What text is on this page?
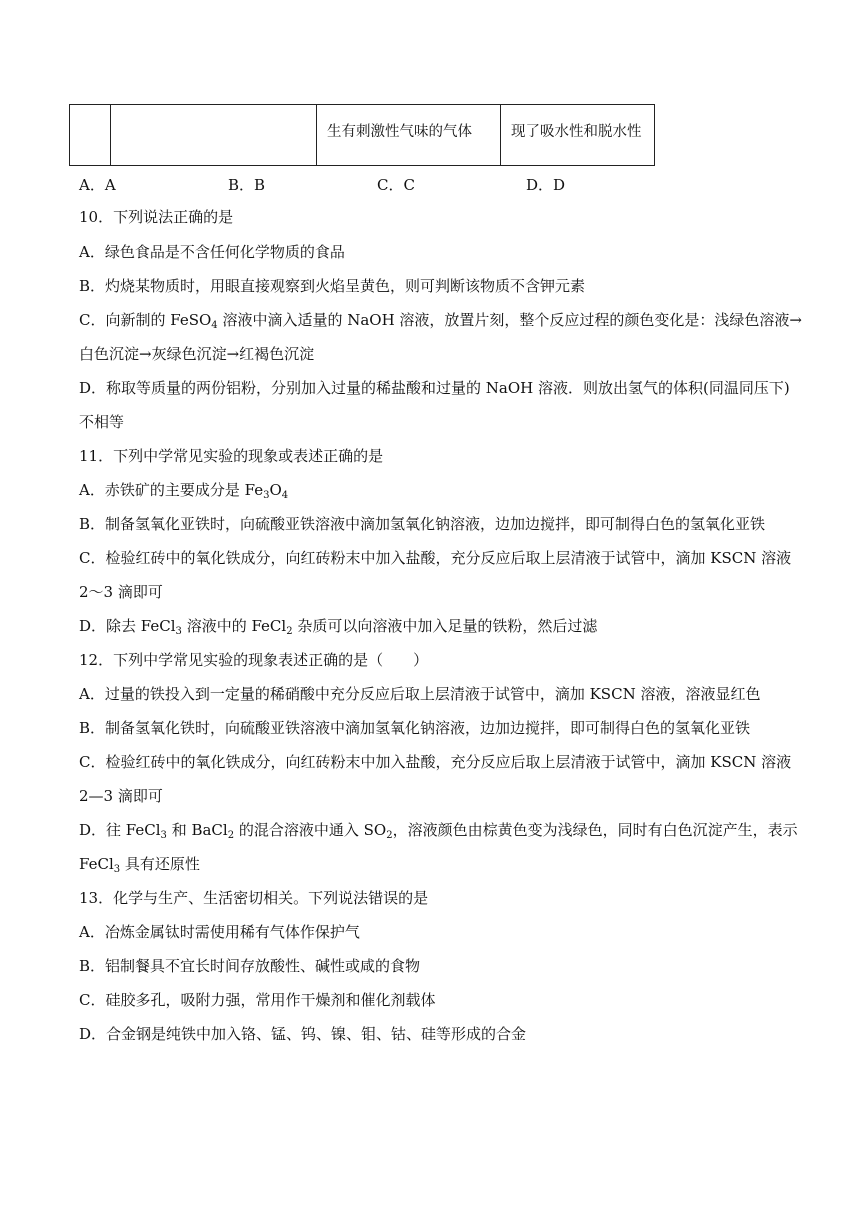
生有刺激性气味的气体	现了吸水性和脱水性
A．A	B．B	C．C	D．D
10．下列说法正确的是
A．绿色食品是不含任何化学物质的食品
B．灼烧某物质时，用眼直接观察到火焰呈黄色，则可判断该物质不含钾元素
C．向新制的 FeSO$_4$ 溶液中滴入适量的 NaOH 溶液，放置片刻，整个反应过程的颜色变化是：浅绿色溶液→
白色沉淀→灰绿色沉淀→红褐色沉淀
D．称取等质量的两份铝粉，分别加入过量的稀盐酸和过量的 NaOH 溶液．则放出氢气的体积(同温同压下)
不相等
11．下列中学常见实验的现象或表述正确的是
A．赤铁矿的主要成分是 $Fe_3O_4$
B．制备氢氧化亚铁时，向硫酸亚铁溶液中滴加氢氧化钠溶液，边加边搅拌，即可制得白色的氢氧化亚铁
C．检验红砖中的氧化铁成分，向红砖粉末中加入盐酸，充分反应后取上层清液于试管中，滴加 KSCN 溶液
2～3 滴即可
D．除去 FeCl$_3$ 溶液中的 FeCl$_2$ 杂质可以向溶液中加入足量的铁粉，然后过滤
12．下列中学常见实验的现象表述正确的是（　　）
A．过量的铁投入到一定量的稀硝酸中充分反应后取上层清液于试管中，滴加 KSCN 溶液，溶液显红色
B．制备氢氧化铁时，向硫酸亚铁溶液中滴加氢氧化钠溶液，边加边搅拌，即可制得白色的氢氧化亚铁
C．检验红砖中的氧化铁成分，向红砖粉末中加入盐酸，充分反应后取上层清液于试管中，滴加 KSCN 溶液
2—3 滴即可
D．往 FeCl$_3$ 和 BaCl$_2$ 的混合溶液中通入 $SO_2$，溶液颜色由棕黄色变为浅绿色，同时有白色沉淀产生，表示
FeCl$_3$ 具有还原性
13．化学与生产、生活密切相关。下列说法错误的是
A．冶炼金属钛时需使用稀有气体作保护气
B．铝制餐具不宜长时间存放酸性、碱性或咸的食物
C．硅胶多孔，吸附力强，常用作干燥剂和催化剂载体
D．合金钢是纯铁中加入铬、锰、钨、镍、钼、钴、硅等形成的合金
